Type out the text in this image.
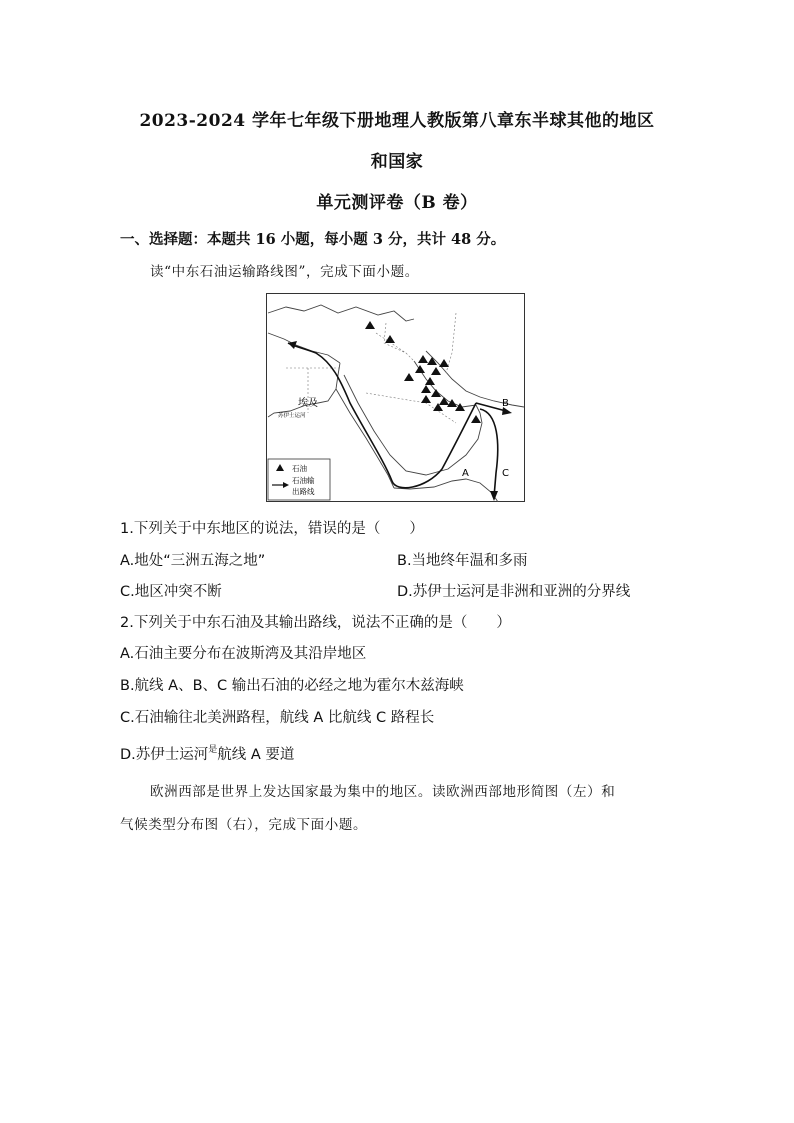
2023-2024 学年七年级下册地理人教版第八章东半球其他的地区
和国家
单元测评卷（B 卷）
一、选择题：本题共 16 小题，每小题 3 分，共计 48 分。
读“中东石油运输路线图”，完成下面小题。
埃及
苏伊士运河
A
B
C
石油
石油输
出路线
1.下列关于中东地区的说法，错误的是（　　）
A.地处“三洲五海之地”	B.当地终年温和多雨
C.地区冲突不断	D.苏伊士运河是非洲和亚洲的分界线
2.下列关于中东石油及其输出路线，说法不正确的是（　　）
A.石油主要分布在波斯湾及其沿岸地区
B.航线 A、B、C 输出石油的必经之地为霍尔木兹海峡
C.石油输往北美洲路程，航线 A 比航线 C 路程长
D.苏伊士运河$^是$航线 A 要道
欧洲西部是世界上发达国家最为集中的地区。读欧洲西部地形简图（左）和
气候类型分布图（右），完成下面小题。
